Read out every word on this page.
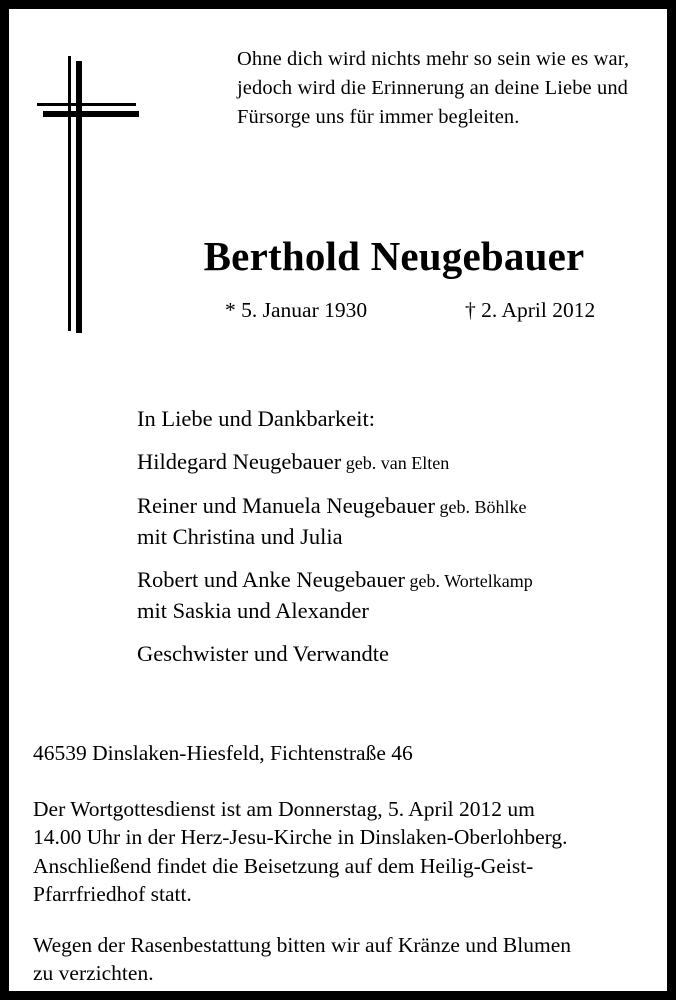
Ohne dich wird nichts mehr so sein wie es war,
jedoch wird die Erinnerung an deine Liebe und
Fürsorge uns für immer begleiten.
Berthold Neugebauer
* 5. Januar 1930	† 2. April 2012
In Liebe und Dankbarkeit:
Hildegard Neugebauer geb. van Elten
Reiner und Manuela Neugebauer geb. Böhlke
mit Christina und Julia
Robert und Anke Neugebauer geb. Wortelkamp
mit Saskia und Alexander
Geschwister und Verwandte
46539 Dinslaken-Hiesfeld, Fichtenstraße 46
Der Wortgottesdienst ist am Donnerstag, 5. April 2012 um
14.00 Uhr in der Herz-Jesu-Kirche in Dinslaken-Oberlohberg.
Anschließend findet die Beisetzung auf dem Heilig-Geist-
Pfarrfriedhof statt.
Wegen der Rasenbestattung bitten wir auf Kränze und Blumen
zu verzichten.
